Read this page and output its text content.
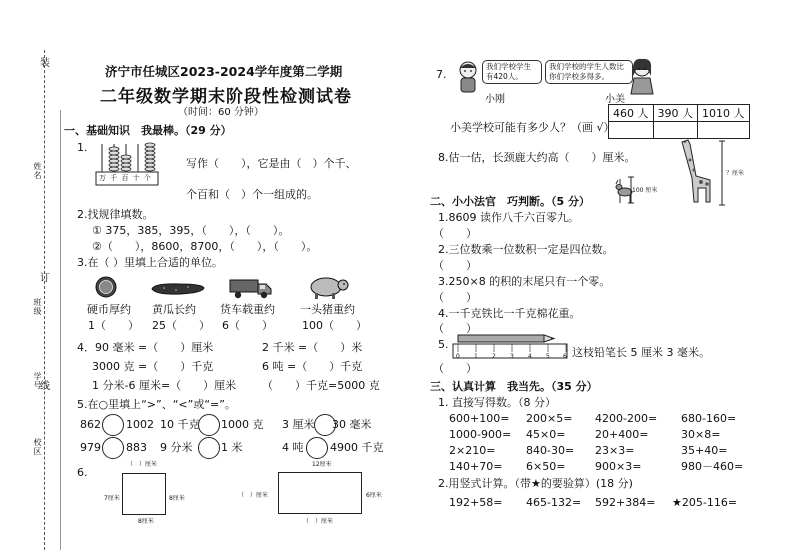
姓名
班级
学号
校区
装
订
线
济宁市任城区2023-2024学年度第二学期
二年级数学期末阶段性检测试卷
（时间：60 分钟）
一、基础知识　我最棒。（29 分）
1.
万 千 百 十 个
写作（　　），它是由（　）个千、
个百和（　）个一组成的。
2.找规律填数。
① 375，385，395，（　　），（　　）。
②（　　），8600，8700，（　　），（　　）。
3.在（ ）里填上合适的单位。
硬币厚约 黄瓜长约 货车载重约 一头猪重约
1（　　） 25（　　） 6（　　）	100（　　）
4．90 毫米 =（　　）厘米	2 千米 =（　　）米
3000 克 =（　　）千克	6 吨 =（　　）千克
1 分米-6 厘米=（　　）厘米 （　　）千克=5000 克
5.在○里填上“>”、“<”或“=”。
862 1002 10 千克 1000 克 3 厘米 30 毫米
979 883 9 分米	1 米	4 吨 4900 千克
6.
（　）厘米
7厘米	8厘米
8厘米
12厘米
（　）厘米	6厘米
（　）厘米
7.
我们学校学生有420人。
我们学校的学生人数比你们学校多得多。
小刚	小美
460 人	390 人	1010 人

小美学校可能有多少人？（画 √）
8.估一估，长颈鹿大约高（　　）厘米。
100 厘米
？厘米
二、小小法官　巧判断。（5 分）
1.8609 读作八千六百零九。
（　　）
2.三位数乘一位数积一定是四位数。
（　　）
3.250×8 的积的末尾只有一个零。
（　　）
4.一千克铁比一千克棉花重。
（　　）
5.
0 1 2 3 4 5 6 这枝铅笔长 5 厘米 3 毫米。
（　　）
三、认真计算　我当先。（35 分）
1. 直接写得数。（8 分）
600+100= 200×5= 4200-200= 680-160=
1000-900= 45×0=	20+400=	30×8=
2×210=	840-30= 23×3=	35+40=
140+70= 6×50=	900×3=	980－460=
2.用竖式计算。（带★的要验算）(18 分)
192+58= 465-132= 592+384= ★205-116=
